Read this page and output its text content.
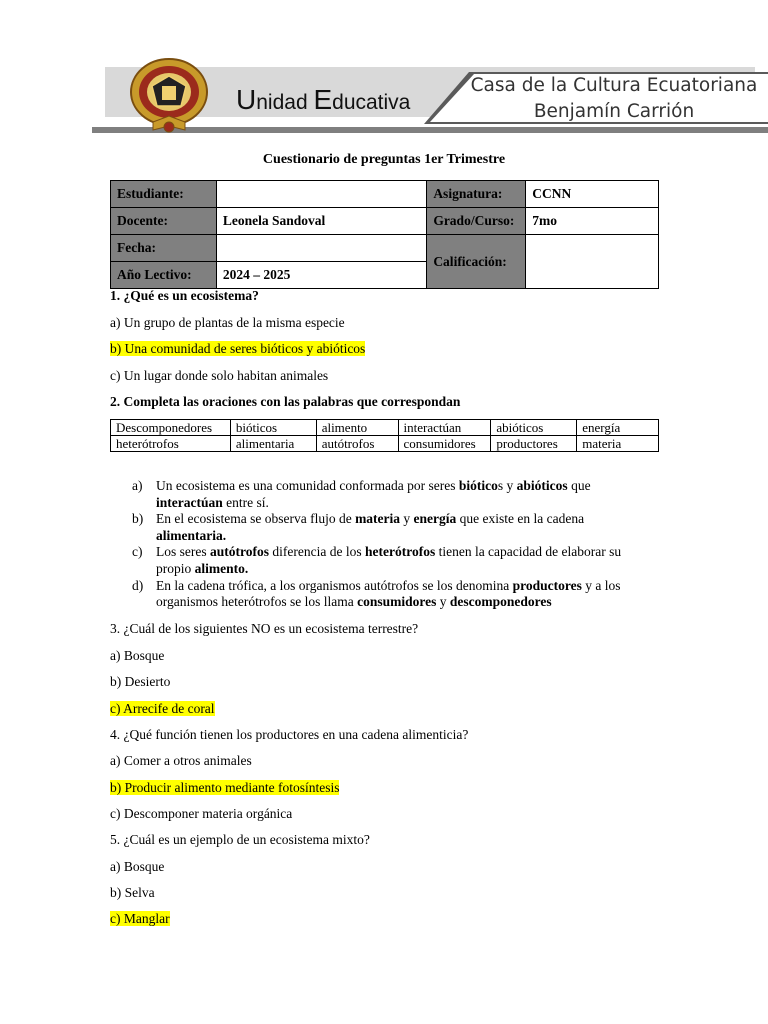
Casa de la Cultura Ecuatoriana
Benjamín Carrión
Unidad Educativa
Cuestionario de preguntas 1er Trimestre
Estudiante:		Asignatura:	CCNN
Docente:	Leonela Sandoval	Grado/Curso:	7mo
Fecha:		Calificación:	
Año Lectivo:	2024 – 2025		

1. ¿Qué es un ecosistema?

a) Un grupo de plantas de la misma especie

b) Una comunidad de seres bióticos y abióticos

c) Un lugar donde solo habitan animales

2. Completa las oraciones con las palabras que correspondan

Descomponedores	bióticos	alimento	interactúan	abióticos	energía
heterótrofos	alimentaria	autótrofos	consumidores	productores	materia
a) Un ecosistema es una comunidad conformada por seres bióticos y abióticos que interactúan entre sí.
b) En el ecosistema se observa flujo de materia y energía que existe en la cadena alimentaria.
c) Los seres autótrofos diferencia de los heterótrofos tienen la capacidad de elaborar su propio alimento.
d) En la cadena trófica, a los organismos autótrofos se los denomina productores y a los organismos heterótrofos se los llama consumidores y descomponedores

3. ¿Cuál de los siguientes NO es un ecosistema terrestre?

a) Bosque

b) Desierto

c) Arrecife de coral

4. ¿Qué función tienen los productores en una cadena alimenticia?

a) Comer a otros animales

b) Producir alimento mediante fotosíntesis

c) Descomponer materia orgánica

5. ¿Cuál es un ejemplo de un ecosistema mixto?

a) Bosque

b) Selva

c) Manglar
